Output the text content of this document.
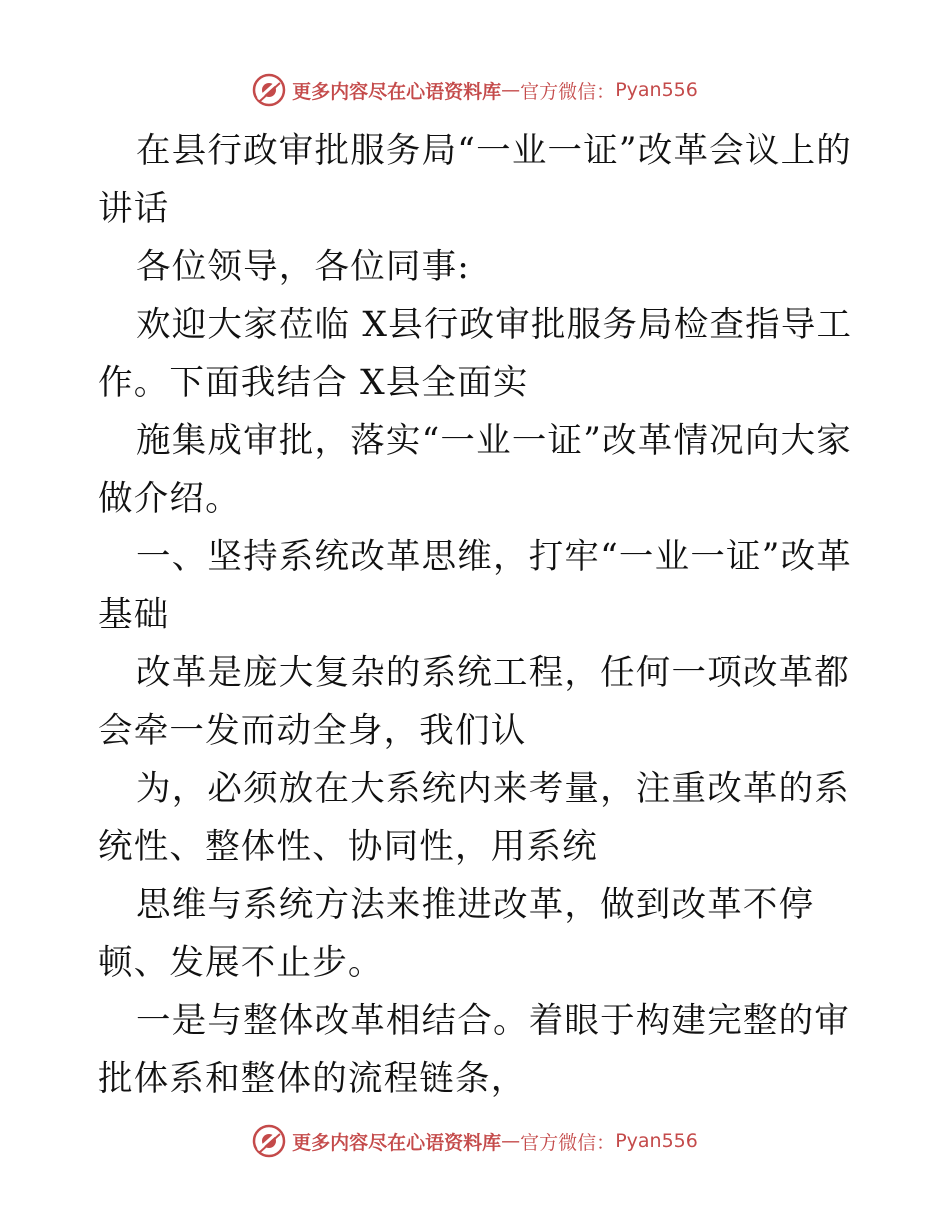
更多内容尽在心语资料库 — 官方微信： Pyan556

在县行政审批服务局“一业一证”改革会议上的讲话

各位领导，各位同事:

欢迎大家莅临 X县行政审批服务局检查指导工作。下面我结合 X县全面实

施集成审批，落实“一业一证”改革情况向大家做介绍。

一、坚持系统改革思维，打牢“一业一证”改革基础

改革是庞大复杂的系统工程，任何一项改革都会牵一发而动全身，我们认

为，必须放在大系统内来考量，注重改革的系统性、整体性、协同性，用系统

思维与系统方法来推进改革，做到改革不停顿、发展不止步。

一是与整体改革相结合。着眼于构建完整的审批体系和整体的流程链条，

更多内容尽在心语资料库 — 官方微信： Pyan556
